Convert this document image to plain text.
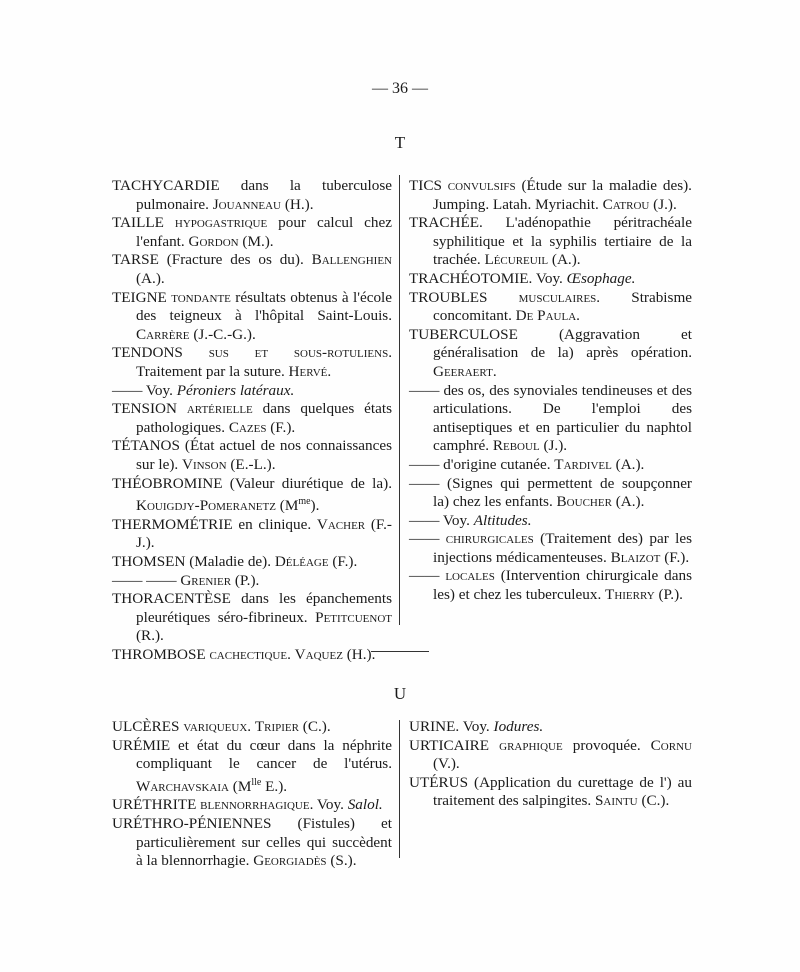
— 36 —
T
TACHYCARDIE dans la tuberculose pulmonaire. Jouanneau (H.).
TAILLE hypogastrique pour calcul chez l'enfant. Gordon (M.).
TARSE (Fracture des os du). Ballenghien (A.).
TEIGNE tondante résultats obtenus à l'école des teigneux à l'hôpital Saint-Louis. Carrère (J.-C.-G.).
TENDONS sus et sous-rotuliens. Traitement par la suture. Hervé.
—— Voy. Péroniers latéraux.
TENSION artérielle dans quelques états pathologiques. Cazes (F.).
TÉTANOS (État actuel de nos connaissances sur le). Vinson (E.-L.).
THÉOBROMINE (Valeur diurétique de la). Kouigdjy-Pomeranetz $(M^{me})$.
THERMOMÉTRIE en clinique. Vacher (F.-J.).
THOMSEN (Maladie de). Déléage (F.).
—— —— Grenier (P.).
THORACENTÈSE dans les épanchements pleurétiques séro-fibrineux. Petitcuenot (R.).
THROMBOSE cachectique. Vaquez (H.).
TICS convulsifs (Étude sur la maladie des). Jumping. Latah. Myriachit. Catrou (J.).
TRACHÉE. L'adénopathie péritrachéale syphilitique et la syphilis tertiaire de la trachée. Lécureuil (A.).
TRACHÉOTOMIE. Voy. Œsophage.
TROUBLES musculaires. Strabisme concomitant. De Paula.
TUBERCULOSE (Aggravation et généralisation de la) après opération. Geeraert.
—— des os, des synoviales tendineuses et des articulations. De l'emploi des antiseptiques et en particulier du naphtol camphré. Reboul (J.).
—— d'origine cutanée. Tardivel (A.).
—— (Signes qui permettent de soupçonner la) chez les enfants. Boucher (A.).
—— Voy. Altitudes.
—— chirurgicales (Traitement des) par les injections médicamenteuses. Blaizot (F.).
—— locales (Intervention chirurgicale dans les) et chez les tuberculeux. Thierry (P.).
U
ULCÈRES variqueux. Tripier (C.).
URÉMIE et état du cœur dans la néphrite compliquant le cancer de l'utérus. Warchavskaia ($M^{lle}$ E.).
URÉTHRITE blennorrhagique. Voy. Salol.
URÉTHRO-PÉNIENNES (Fistules) et particulièrement sur celles qui succèdent à la blennorrhagie. Georgiadès (S.).
URINE. Voy. Iodures.
URTICAIRE graphique provoquée. Cornu (V.).
UTÉRUS (Application du curettage de l') au traitement des salpingites. Saintu (C.).
